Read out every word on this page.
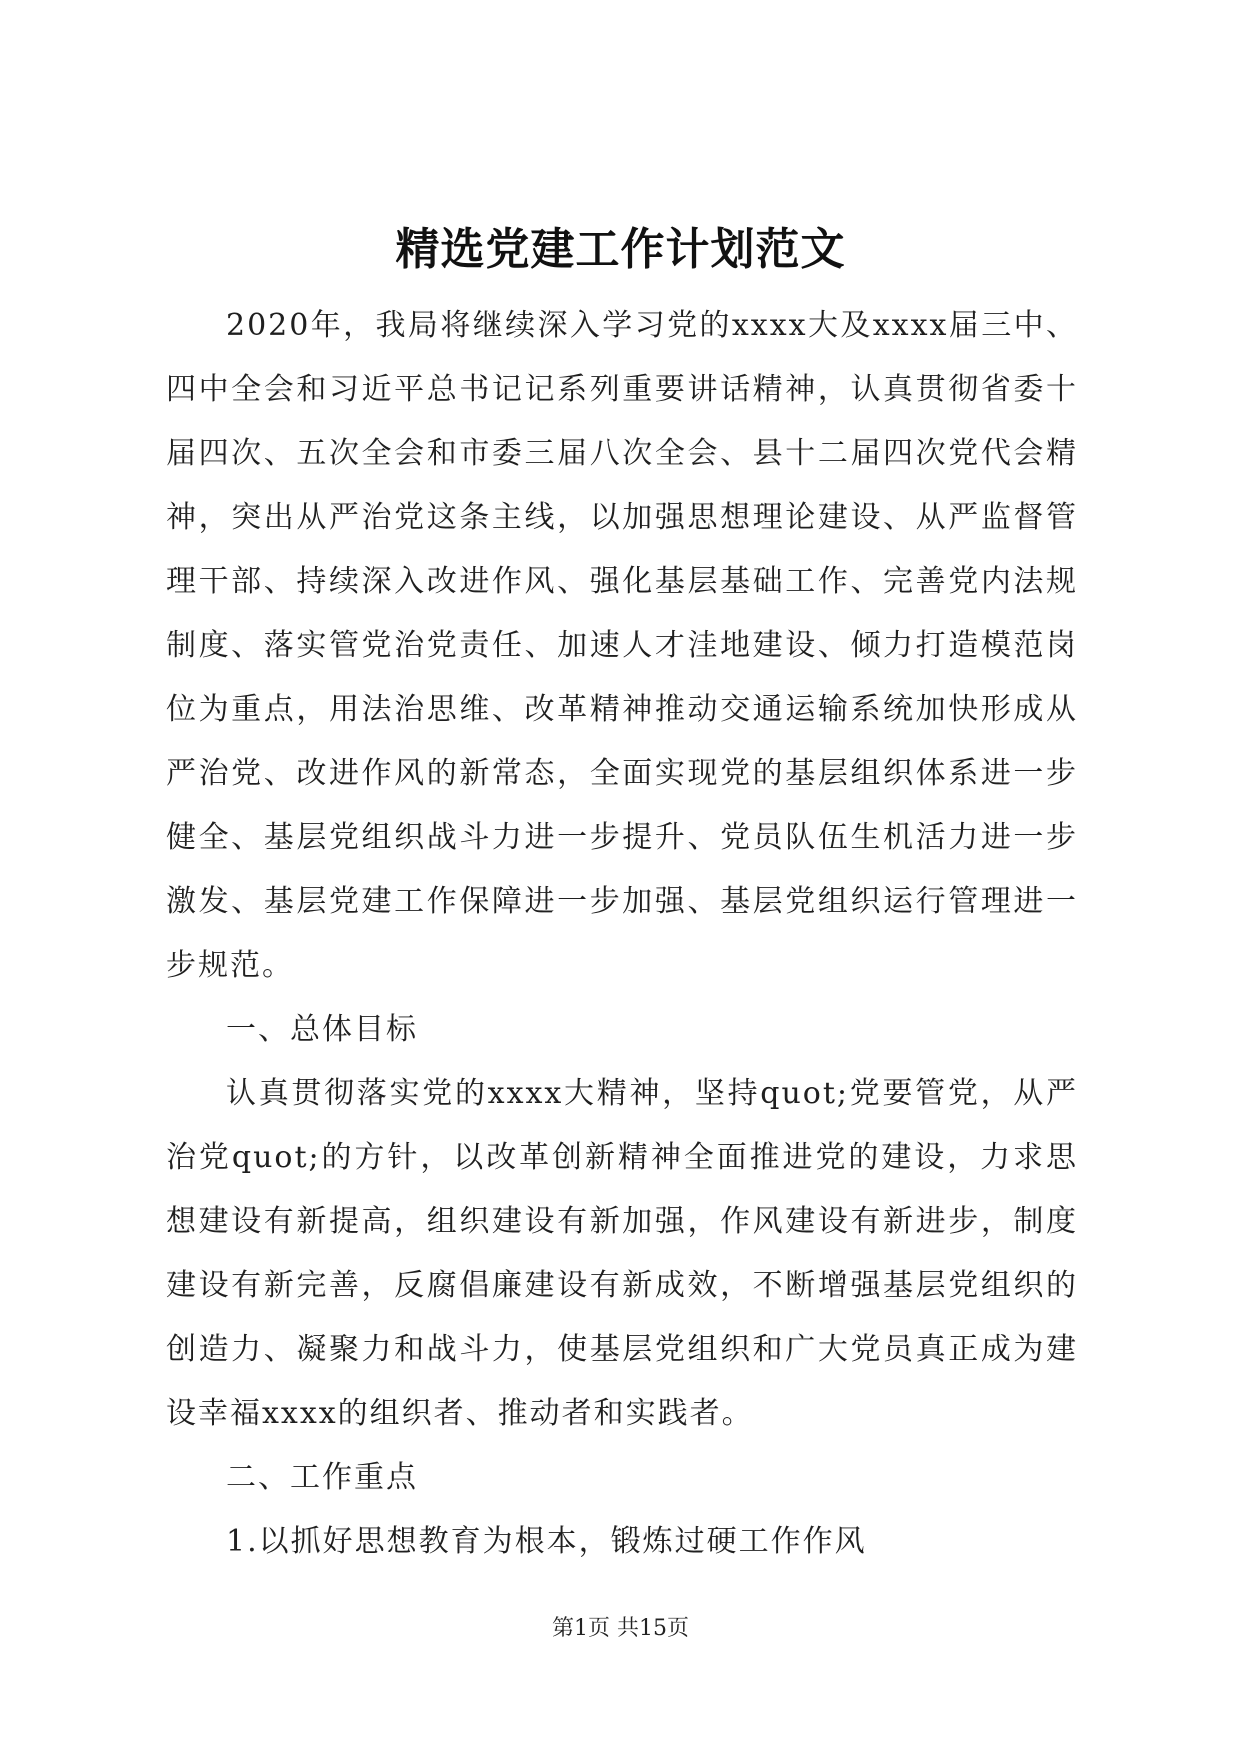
精选党建工作计划范文

2020年，我局将继续深入学习党的xxxx大及xxxx届三中、四中全会和习近平总书记记系列重要讲话精神，认真贯彻省委十届四次、五次全会和市委三届八次全会、县十二届四次党代会精神，突出从严治党这条主线，以加强思想理论建设、从严监督管理干部、持续深入改进作风、强化基层基础工作、完善党内法规制度、落实管党治党责任、加速人才洼地建设、倾力打造模范岗位为重点，用法治思维、改革精神推动交通运输系统加快形成从严治党、改进作风的新常态，全面实现党的基层组织体系进一步健全、基层党组织战斗力进一步提升、党员队伍生机活力进一步激发、基层党建工作保障进一步加强、基层党组织运行管理进一步规范。

一、总体目标

认真贯彻落实党的xxxx大精神，坚持quot;党要管党，从严治党quot;的方针，以改革创新精神全面推进党的建设，力求思想建设有新提高，组织建设有新加强，作风建设有新进步，制度建设有新完善，反腐倡廉建设有新成效，不断增强基层党组织的创造力、凝聚力和战斗力，使基层党组织和广大党员真正成为建设幸福xxxx的组织者、推动者和实践者。

二、工作重点

1.以抓好思想教育为根本，锻炼过硬工作作风

第1页 共15页
